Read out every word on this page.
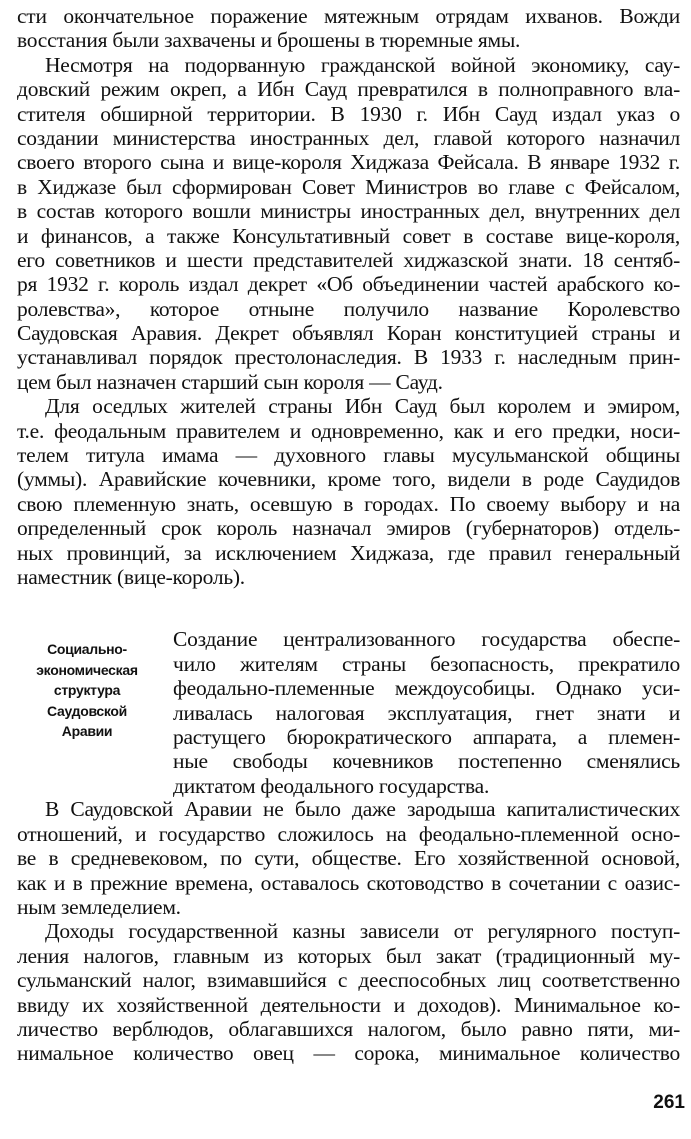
сти окончательное поражение мятежным отрядам ихванов. Вожди
восстания были захвачены и брошены в тюремные ямы.
Несмотря на подорванную гражданской войной экономику, сау-
довский режим окреп, а Ибн Сауд превратился в полноправного вла-
стителя обширной территории. В 1930 г. Ибн Сауд издал указ о
создании министерства иностранных дел, главой которого назначил
своего второго сына и вице-короля Хиджаза Фейсала. В январе 1932 г.
в Хиджазе был сформирован Совет Министров во главе с Фейсалом,
в состав которого вошли министры иностранных дел, внутренних дел
и финансов, а также Консультативный совет в составе вице-короля,
его советников и шести представителей хиджазской знати. 18 сентяб-
ря 1932 г. король издал декрет «Об объединении частей арабского ко-
ролевства», которое отныне получило название Королевство
Саудовская Аравия. Декрет объявлял Коран конституцией страны и
устанавливал порядок престолонаследия. В 1933 г. наследным прин-
цем был назначен старший сын короля — Сауд.
Для оседлых жителей страны Ибн Сауд был королем и эмиром,
т.е. феодальным правителем и одновременно, как и его предки, носи-
телем титула имама — духовного главы мусульманской общины
(уммы). Аравийские кочевники, кроме того, видели в роде Саудидов
свою племенную знать, осевшую в городах. По своему выбору и на
определенный срок король назначал эмиров (губернаторов) отдель-
ных провинций, за исключением Хиджаза, где правил генеральный
наместник (вице-король).
Социально-
экономическая
структура
Саудовской
Аравии
Создание централизованного государства обеспе-
чило жителям страны безопасность, прекратило
феодально-племенные междоусобицы. Однако уси-
ливалась налоговая эксплуатация, гнет знати и
растущего бюрократического аппарата, а племен-
ные свободы кочевников постепенно сменялись
диктатом феодального государства.
В Саудовской Аравии не было даже зародыша капиталистических
отношений, и государство сложилось на феодально-племенной осно-
ве в средневековом, по сути, обществе. Его хозяйственной основой,
как и в прежние времена, оставалось скотоводство в сочетании с оазис-
ным земледелием.
Доходы государственной казны зависели от регулярного поступ-
ления налогов, главным из которых был закат (традиционный му-
сульманский налог, взимавшийся с дееспособных лиц соответственно
ввиду их хозяйственной деятельности и доходов). Минимальное ко-
личество верблюдов, облагавшихся налогом, было равно пяти, ми-
нимальное количество овец — сорока, минимальное количество
261
